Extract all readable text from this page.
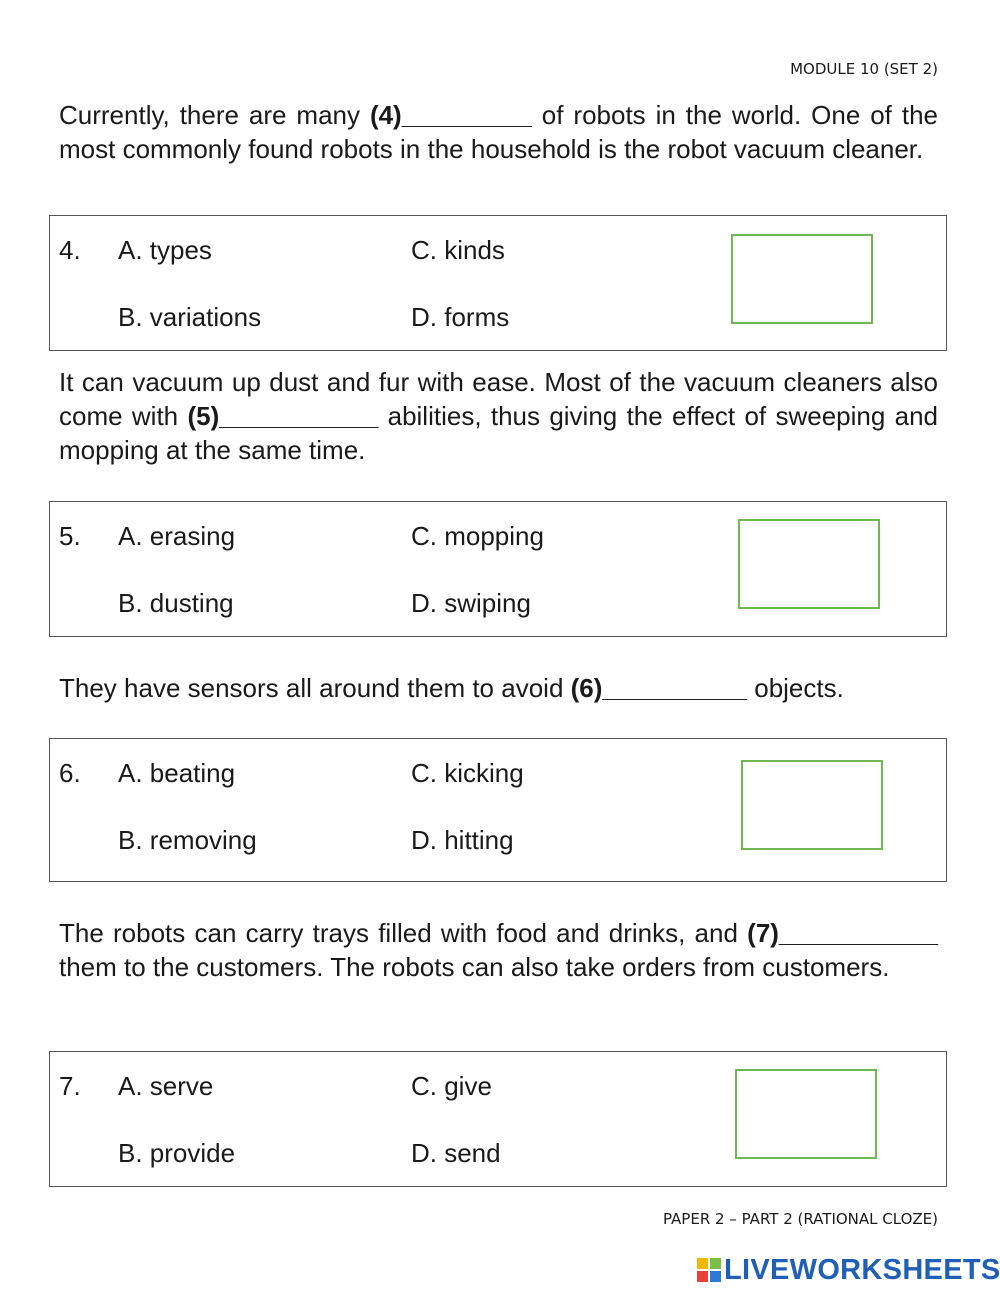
MODULE 10 (SET 2)

Currently, there are many (4)_________ of robots in the world. One of the most commonly found robots in the household is the robot vacuum cleaner.

4. A. types	C. kinds
B. variations	D. forms

It can vacuum up dust and fur with ease. Most of the vacuum cleaners also come with (5)___________ abilities, thus giving the effect of sweeping and mopping at the same time.

5. A. erasing	C. mopping
B. dusting	D. swiping

They have sensors all around them to avoid (6)__________ objects.

6. A. beating	C. kicking
B. removing	D. hitting

The robots can carry trays filled with food and drinks, and (7)___________ them to the customers. The robots can also take orders from customers.

7. A. serve	C. give
B. provide	D. send
PAPER 2 – PART 2 (RATIONAL CLOZE)
LIVEWORKSHEETS
